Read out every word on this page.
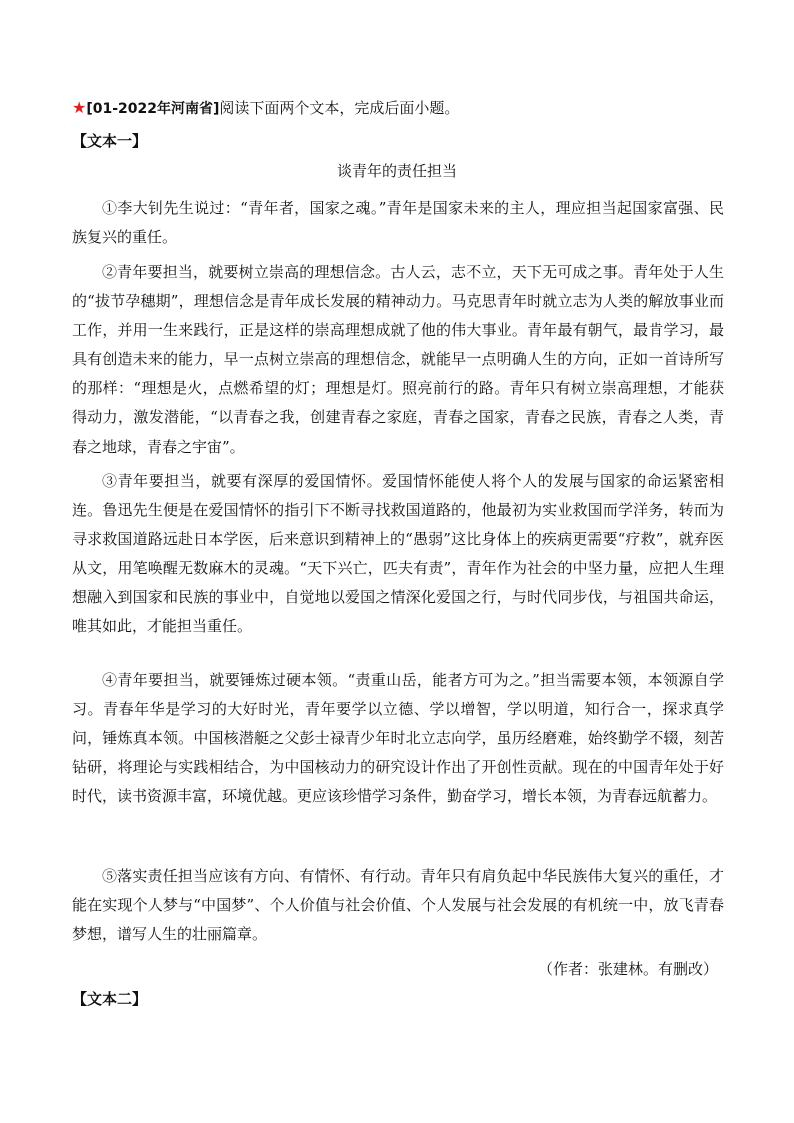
★[01-2022年河南省]阅读下面两个文本，完成后面小题。
【文本一】
谈青年的责任担当

①李大钊先生说过：“青年者，国家之魂。”青年是国家未来的主人，理应担当起国家富强、民族复兴的重任。

②青年要担当，就要树立崇高的理想信念。古人云，志不立，天下无可成之事。青年处于人生的“拔节孕穗期”，理想信念是青年成长发展的精神动力。马克思青年时就立志为人类的解放事业而工作，并用一生来践行，正是这样的崇高理想成就了他的伟大事业。青年最有朝气，最肯学习，最具有创造未来的能力，早一点树立崇高的理想信念，就能早一点明确人生的方向，正如一首诗所写的那样：“理想是火，点燃希望的灯；理想是灯。照亮前行的路。青年只有树立崇高理想，才能获得动力，激发潜能，“以青春之我，创建青春之家庭，青春之国家，青春之民族，青春之人类，青春之地球，青春之宇宙”。

③青年要担当，就要有深厚的爱国情怀。爱国情怀能使人将个人的发展与国家的命运紧密相连。鲁迅先生便是在爱国情怀的指引下不断寻找救国道路的，他最初为实业救国而学洋务，转而为寻求救国道路远赴日本学医，后来意识到精神上的“愚弱”这比身体上的疾病更需要“疗救”，就弃医从文，用笔唤醒无数麻木的灵魂。“天下兴亡，匹夫有责”，青年作为社会的中坚力量，应把人生理想融入到国家和民族的事业中，自觉地以爱国之情深化爱国之行，与时代同步伐，与祖国共命运，唯其如此，才能担当重任。

④青年要担当，就要锤炼过硬本领。“责重山岳，能者方可为之。”担当需要本领，本领源自学习。青春年华是学习的大好时光，青年要学以立德、学以增智，学以明道，知行合一，探求真学问，锤炼真本领。中国核潜艇之父彭士禄青少年时北立志向学，虽历经磨难，始终勤学不辍，刻苦钻研，将理论与实践相结合，为中国核动力的研究设计作出了开创性贡献。现在的中国青年处于好时代，读书资源丰富，环境优越。更应该珍惜学习条件，勤奋学习，增长本领，为青春远航蓄力。

⑤落实责任担当应该有方向、有情怀、有行动。青年只有肩负起中华民族伟大复兴的重任，才能在实现个人梦与“中国梦”、个人价值与社会价值、个人发展与社会发展的有机统一中，放飞青春梦想，谱写人生的壮丽篇章。

（作者：张建林。有删改）
【文本二】
